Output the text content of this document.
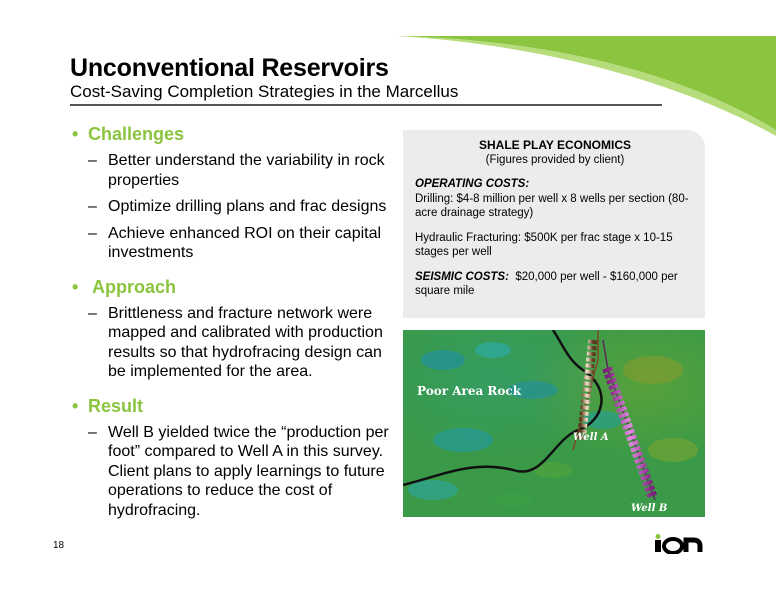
Unconventional Reservoirs
Cost-Saving Completion Strategies in the Marcellus
• Challenges
– Better understand the variability in rock properties
– Optimize drilling plans and frac designs
– Achieve enhanced ROI on their capital investments
• Approach
– Brittleness and fracture network were mapped and calibrated with production results so that hydrofracing design can be implemented for the area.
• Result
– Well B yielded twice the “production per foot” compared to Well A in this survey. Client plans to apply learnings to future operations to reduce the cost of hydrofracing.
SHALE PLAY ECONOMICS
(Figures provided by client)
OPERATING COSTS:

Drilling: $4-8 million per well x 8 wells per section (80-acre drainage strategy)

Hydraulic Fracturing: $500K per frac stage x 10-15 stages per well

SEISMIC COSTS: $20,000 per well - $160,000 per square mile

Poor Area Rock
Well A
Well B
18
